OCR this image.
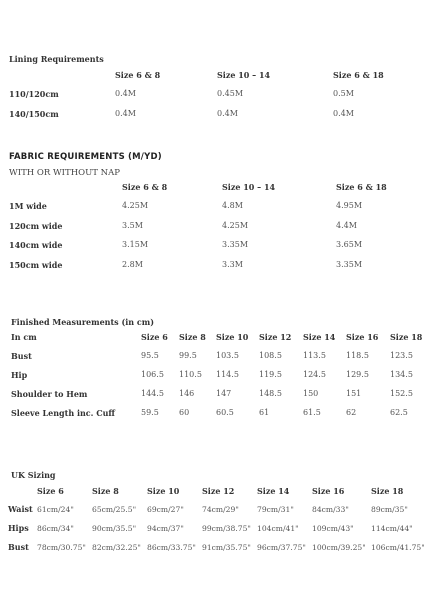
Lining Requirements
Size 6 & 8	Size 10 – 14	Size 6 & 18
110/120cm	0.4M	0.45M	0.5M
140/150cm	0.4M	0.4M	0.4M
FABRIC REQUIREMENTS (M/YD)
WITH OR WITHOUT NAP
Size 6 & 8	Size 10 – 14	Size 6 & 18
1M wide	4.25M	4.8M	4.95M
120cm wide	3.5M	4.25M	4.4M
140cm wide	3.15M	3.35M	3.65M
150cm wide	2.8M	3.3M	3.35M
Finished Measurements (in cm)
In cm	Size 6 Size 8 Size 10 Size 12 Size 14 Size 16 Size 18
Bust	95.5	99.5 103.5	108.5	113.5	118.5	123.5
Hip	106.5 110.5 114.5	119.5	124.5	129.5	134.5
Shoulder to Hem	144.5 146	147	148.5	150	151	152.5
Sleeve Length inc. Cuff	59.5	60	60.5	61	61.5	62	62.5
UK Sizing
Size 6	Size 8	Size 10	Size 12	Size 14	Size 16	Size 18
Waist 61cm/24" 65cm/25.5" 69cm/27" 74cm/29" 79cm/31" 84cm/33"	89cm/35"
Hips 86cm/34" 90cm/35.5" 94cm/37" 99cm/38.75" 104cm/41" 109cm/43" 114cm/44"
Bust 78cm/30.75" 82cm/32.25" 86cm/33.75" 91cm/35.75" 96cm/37.75" 100cm/39.25" 106cm/41.75"
